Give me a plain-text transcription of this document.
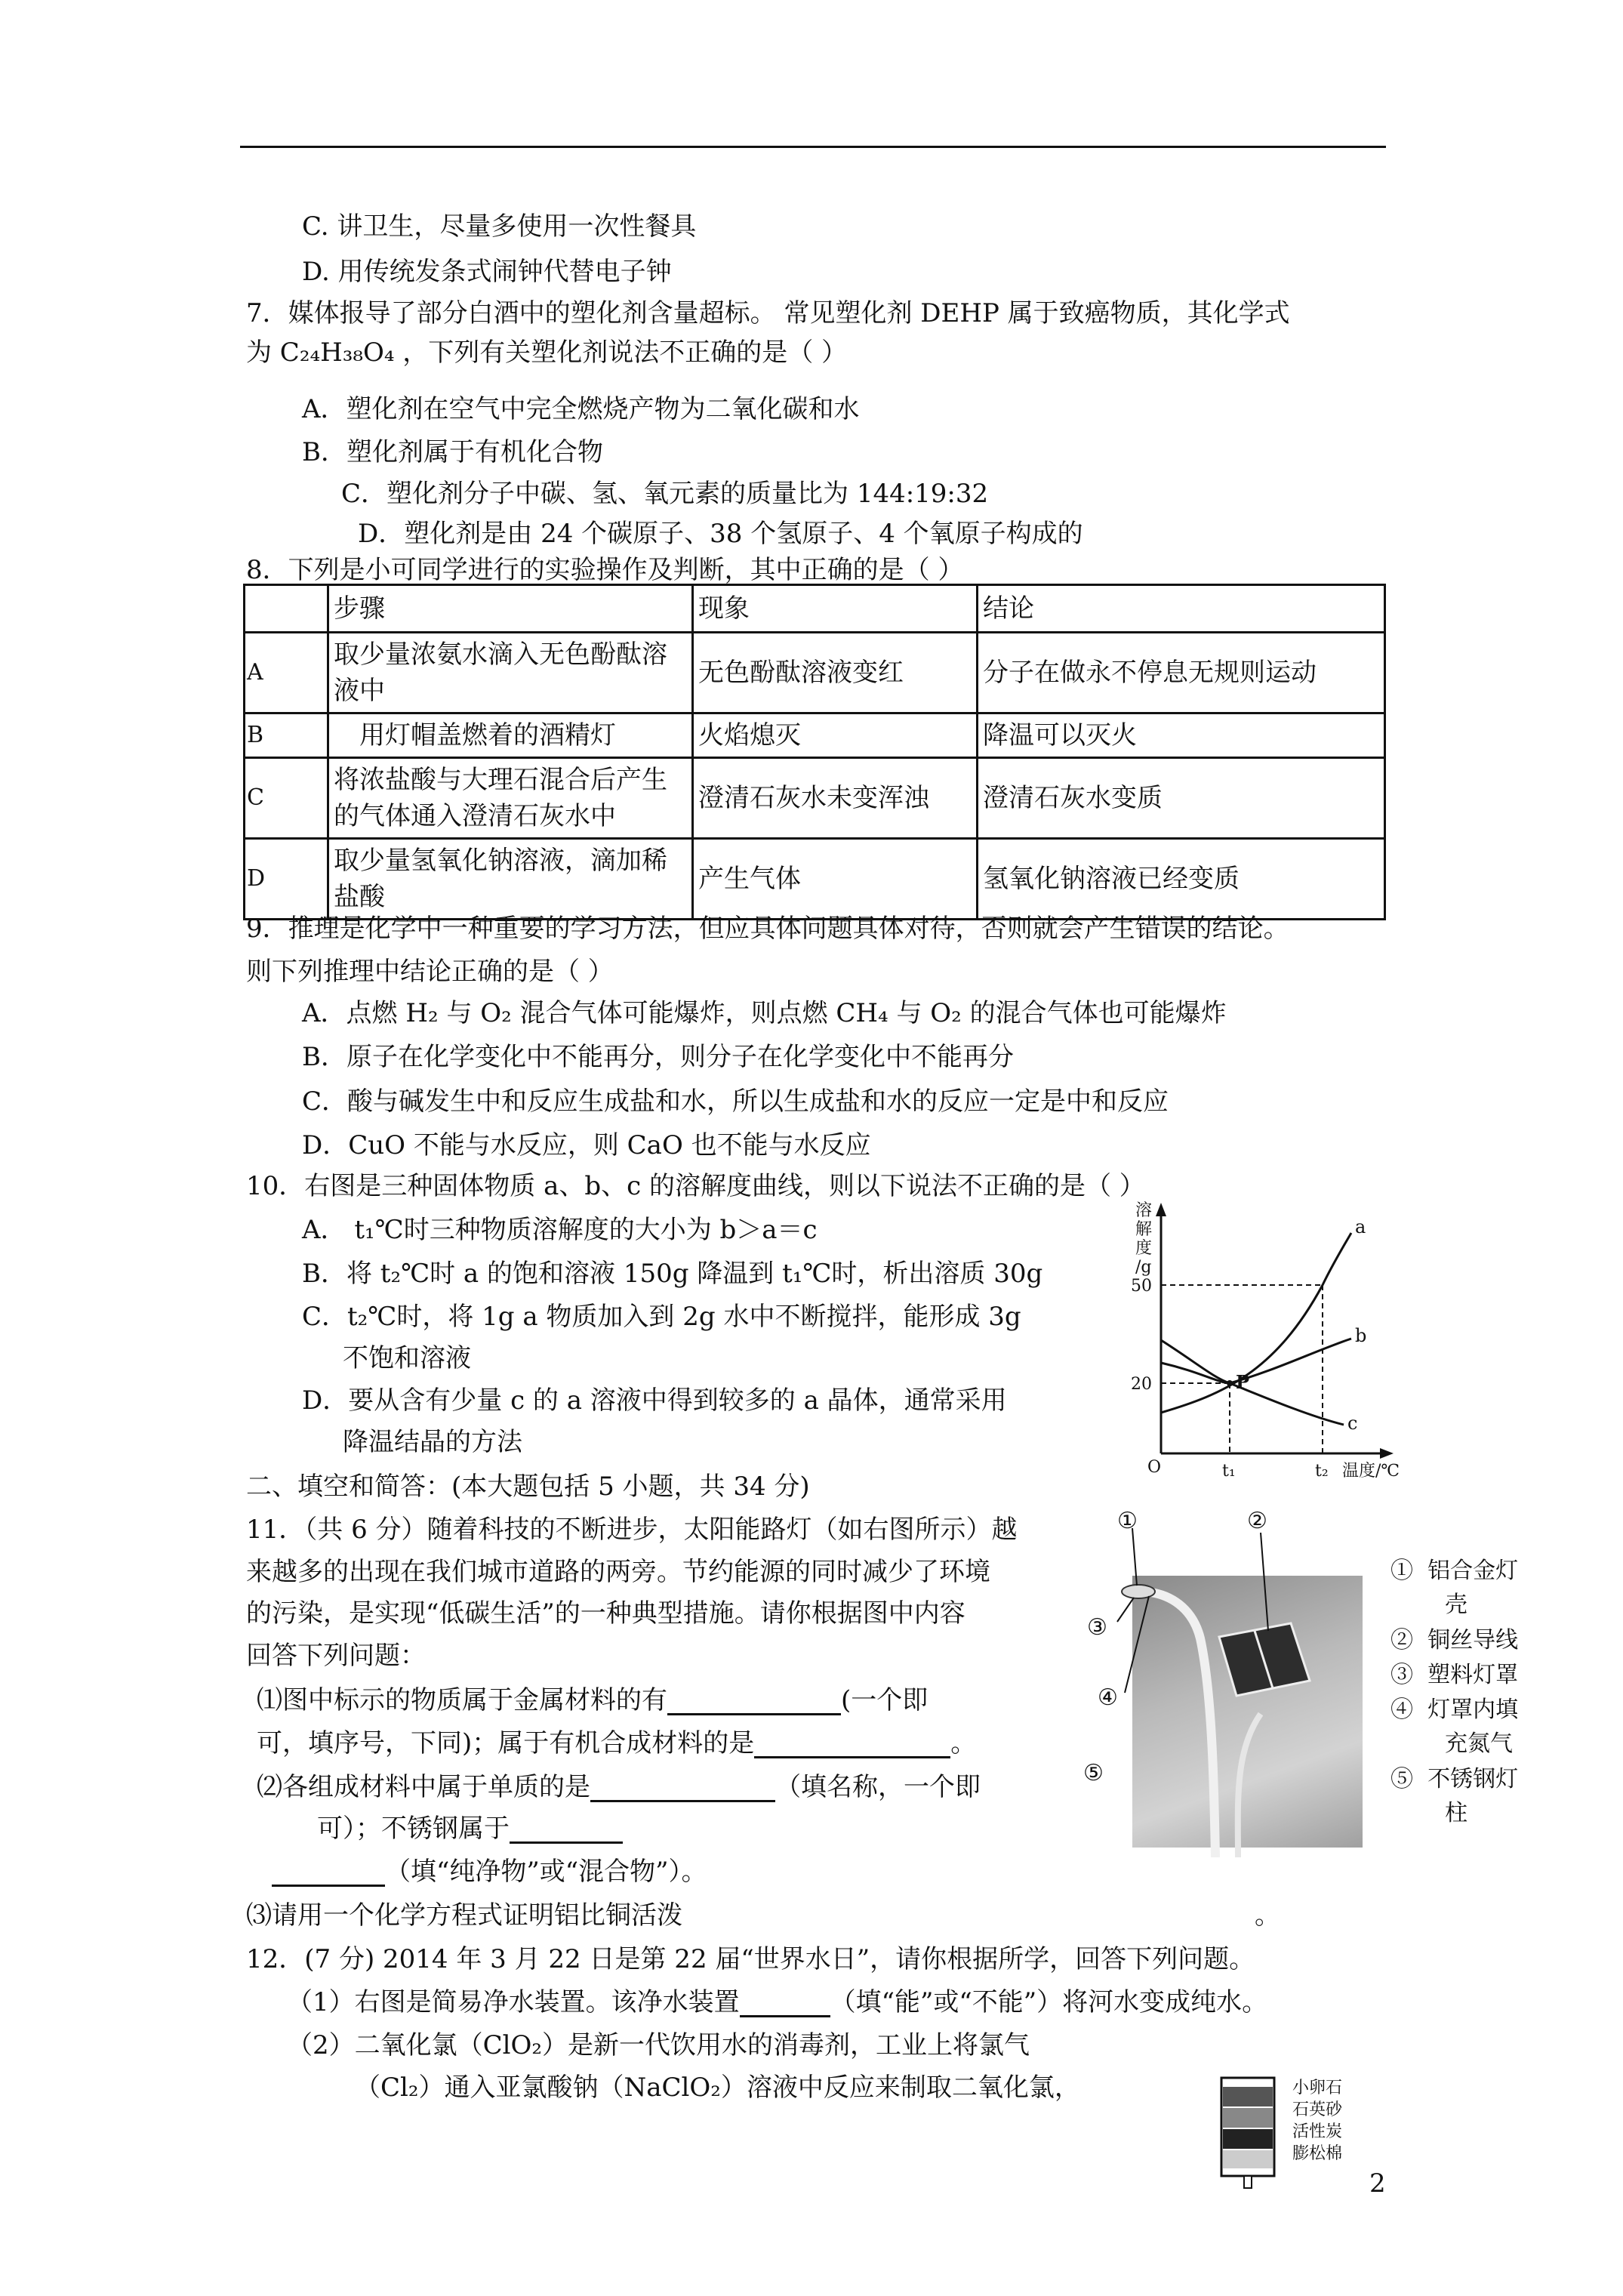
C. 讲卫生，尽量多使用一次性餐具
D. 用传统发条式闹钟代替电子钟
7．媒体报导了部分白酒中的塑化剂含量超标。 常见塑化剂 DEHP 属于致癌物质，其化学式
为 C₂₄H₃₈O₄ ，下列有关塑化剂说法不正确的是（ ）
A．塑化剂在空气中完全燃烧产物为二氧化碳和水
B．塑化剂属于有机化合物
C．塑化剂分子中碳、氢、氧元素的质量比为 144:19:32
D．塑化剂是由 24 个碳原子、38 个氢原子、4 个氧原子构成的
8．下列是小可同学进行的实验操作及判断，其中正确的是（ ）
	步骤	现象	结论
A	取少量浓氨水滴入无色酚酞溶液中	无色酚酞溶液变红	分子在做永不停息无规则运动
B	用灯帽盖燃着的酒精灯	火焰熄灭	降温可以灭火
C	将浓盐酸与大理石混合后产生的气体通入澄清石灰水中	澄清石灰水未变浑浊	澄清石灰水变质
D	取少量氢氧化钠溶液，滴加稀盐酸	产生气体	氢氧化钠溶液已经变质
9．推理是化学中一种重要的学习方法，但应具体问题具体对待，否则就会产生错误的结论。
则下列推理中结论正确的是（ ）
A．点燃 H₂ 与 O₂ 混合气体可能爆炸，则点燃 CH₄ 与 O₂ 的混合气体也可能爆炸
B．原子在化学变化中不能再分，则分子在化学变化中不能再分
C．酸与碱发生中和反应生成盐和水，所以生成盐和水的反应一定是中和反应
D．CuO 不能与水反应，则 CaO 也不能与水反应
10．右图是三种固体物质 a、b、c 的溶解度曲线，则以下说法不正确的是（ ）
A． t₁℃时三种物质溶解度的大小为 b＞a＝c
B．将 t₂℃时 a 的饱和溶液 150g 降温到 t₁℃时，析出溶质 30g
C．t₂℃时，将 1g a 物质加入到 2g 水中不断搅拌，能形成 3g
不饱和溶液
D．要从含有少量 c 的 a 溶液中得到较多的 a 晶体，通常采用
降温结晶的方法
溶
解
度
/g
50
20
O	t₁	t₂ 温度/℃
a
b
c
P
二、填空和简答：(本大题包括 5 小题，共 34 分)
11．（共 6 分）随着科技的不断进步，太阳能路灯（如右图所示）越
来越多的出现在我们城市道路的两旁。节约能源的同时减少了环境
的污染，是实现“低碳生活”的一种典型措施。请你根据图中内容
回答下列问题：
⑴图中标示的物质属于金属材料的有	(一个即
可，填序号，下同)；属于有机合成材料的是	。
⑵各组成材料中属于单质的是	（填名称，一个即
可）；不锈钢属于
（填“纯净物”或“混合物”）。
⑶请用一个化学方程式证明铝比铜活泼	。
①	②
③
④
⑤
① 铝合金灯
壳
② 铜丝导线
③ 塑料灯罩
④ 灯罩内填
充氮气
⑤ 不锈钢灯
柱
12．(7 分) 2014 年 3 月 22 日是第 22 届“世界水日”，请你根据所学，回答下列问题。
（1）右图是简易净水装置。该净水装置	（填“能”或“不能”）将河水变成纯水。
（2）二氧化氯（ClO₂）是新一代饮用水的消毒剂，工业上将氯气
（Cl₂）通入亚氯酸钠（NaClO₂）溶液中反应来制取二氧化氯，	小卵石
石英砂
活性炭
膨松棉
2
